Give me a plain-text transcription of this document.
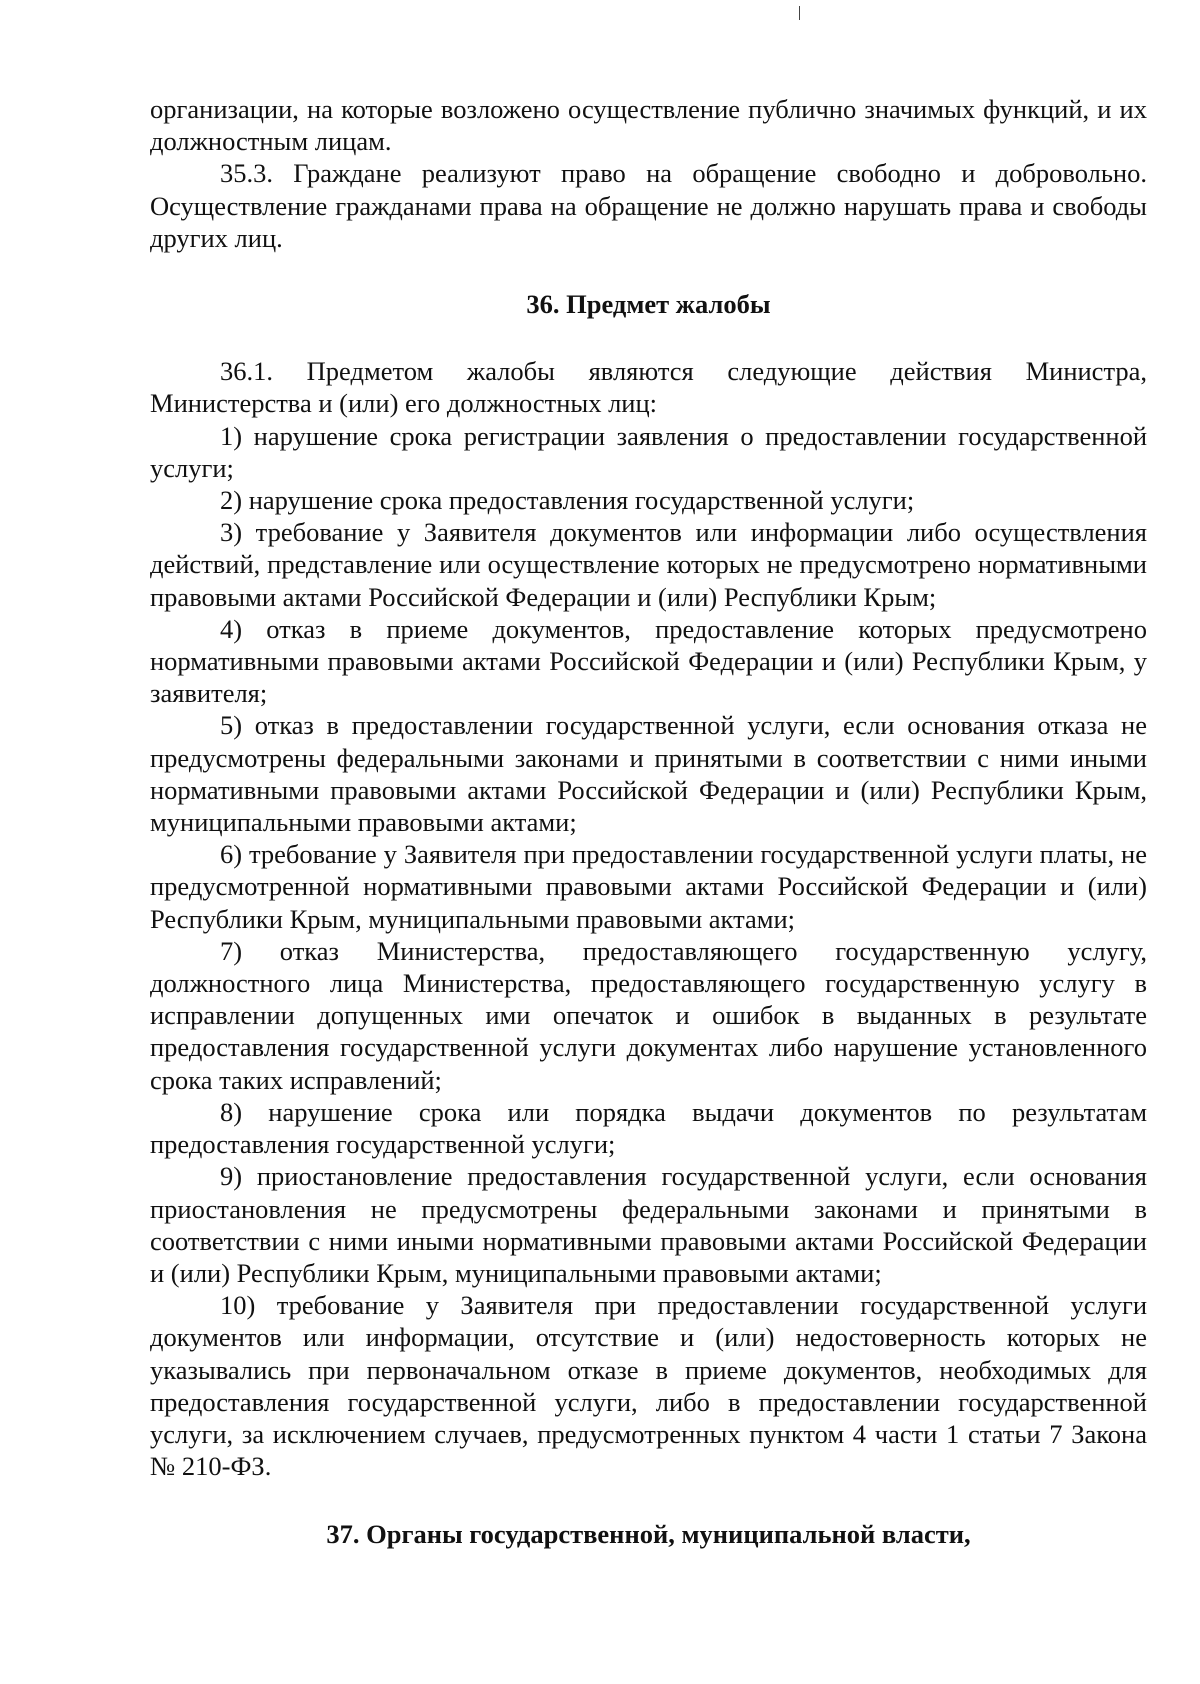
организации, на которые возложено осуществление публично значимых функций, и их должностным лицам.

35.3. Граждане реализуют право на обращение свободно и добровольно. Осуществление гражданами права на обращение не должно нарушать права и свободы других лиц.

36. Предмет жалобы

36.1. Предметом жалобы являются следующие действия Министра, Министерства и (или) его должностных лиц:

1) нарушение срока регистрации заявления о предоставлении государственной услуги;

2) нарушение срока предоставления государственной услуги;

3) требование у Заявителя документов или информации либо осуществления действий, представление или осуществление которых не предусмотрено нормативными правовыми актами Российской Федерации и (или) Республики Крым;

4) отказ в приеме документов, предоставление которых предусмотрено нормативными правовыми актами Российской Федерации и (или) Республики Крым, у заявителя;

5) отказ в предоставлении государственной услуги, если основания отказа не предусмотрены федеральными законами и принятыми в соответствии с ними иными нормативными правовыми актами Российской Федерации и (или) Республики Крым, муниципальными правовыми актами;

6) требование у Заявителя при предоставлении государственной услуги платы, не предусмотренной нормативными правовыми актами Российской Федерации и (или) Республики Крым, муниципальными правовыми актами;

7) отказ Министерства, предоставляющего государственную услугу, должностного лица Министерства, предоставляющего государственную услугу в исправлении допущенных ими опечаток и ошибок в выданных в результате предоставления государственной услуги документах либо нарушение установленного срока таких исправлений;

8) нарушение срока или порядка выдачи документов по результатам предоставления государственной услуги;

9) приостановление предоставления государственной услуги, если основания приостановления не предусмотрены федеральными законами и принятыми в соответствии с ними иными нормативными правовыми актами Российской Федерации и (или) Республики Крым, муниципальными правовыми актами;

10) требование у Заявителя при предоставлении государственной услуги документов или информации, отсутствие и (или) недостоверность которых не указывались при первоначальном отказе в приеме документов, необходимых для предоставления государственной услуги, либо в предоставлении государственной услуги, за исключением случаев, предусмотренных пунктом 4 части 1 статьи 7 Закона № 210-ФЗ.

37. Органы государственной, муниципальной власти,
